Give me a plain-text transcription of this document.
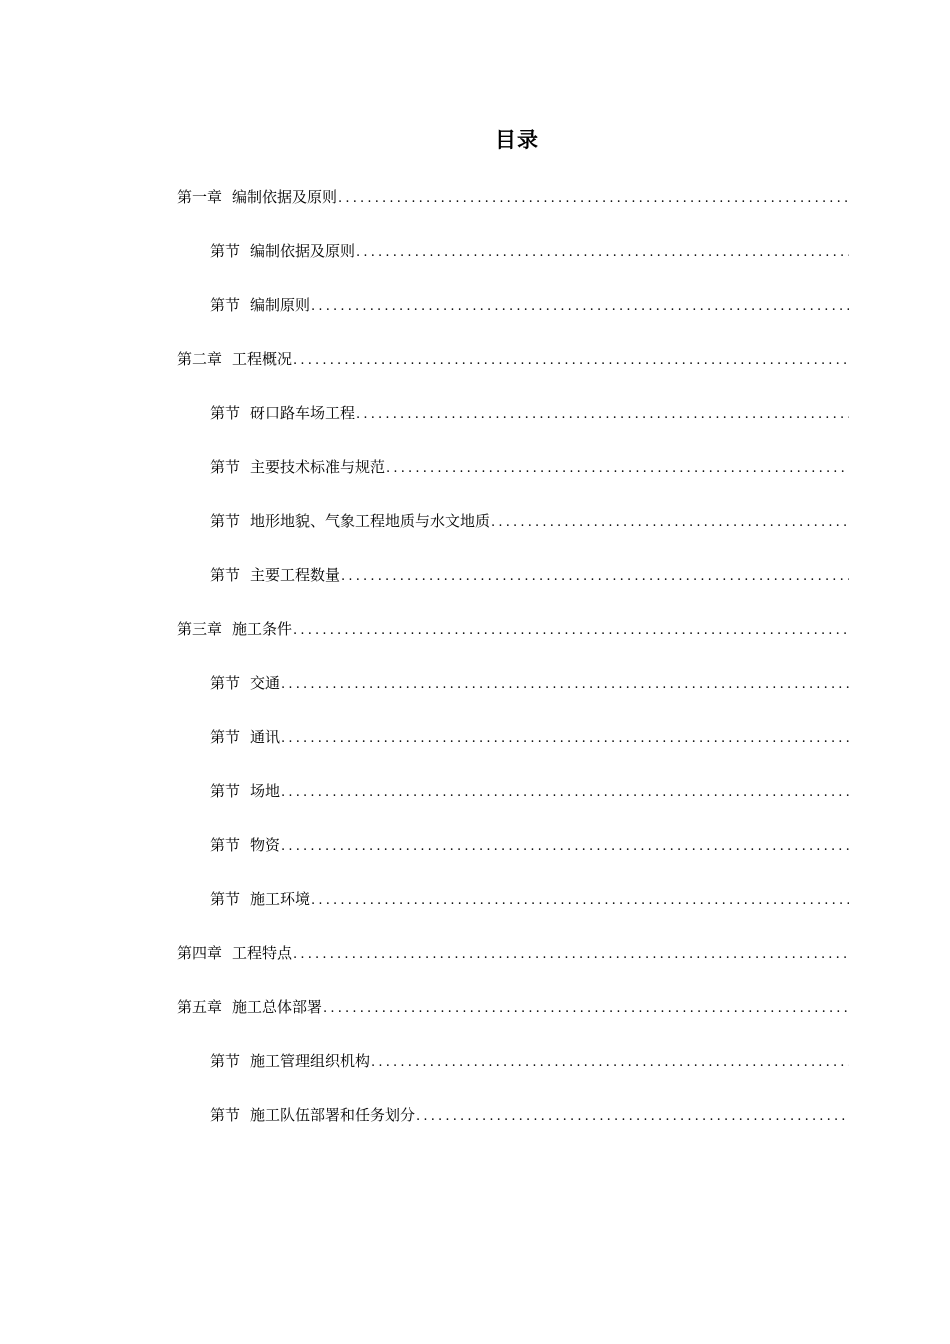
目录
第一章 编制依据及原则
.....
第节 编制依据及原则
.....
第节 编制原则
.....
第二章 工程概况
.....
第节 砑口路车场工程
.....
第节 主要技术标准与规范
.....
第节 地形地貌、气象工程地质与水文地质
.....
第节 主要工程数量
.....
第三章 施工条件
.....
第节 交通
.....
第节 通讯
.....
第节 场地
.....
第节 物资
.....
第节 施工环境
.....
第四章 工程特点
.....
第五章 施工总体部署
.....
第节 施工管理组织机构
.....
第节 施工队伍部署和任务划分
.....
